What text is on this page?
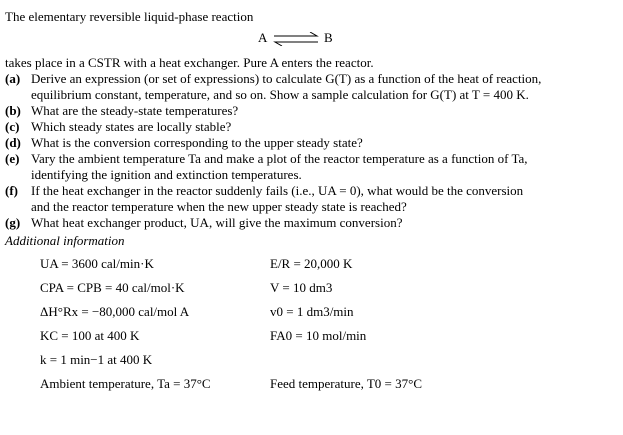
The elementary reversible liquid-phase reaction
A ⇌ B
takes place in a CSTR with a heat exchanger. Pure A enters the reactor.
(a) Derive an expression (or set of expressions) to calculate G(T) as a function of the heat of reaction,
equilibrium constant, temperature, and so on. Show a sample calculation for G(T) at T = 400 K.
(b) What are the steady-state temperatures?
(c) Which steady states are locally stable?
(d) What is the conversion corresponding to the upper steady state?
(e) Vary the ambient temperature Ta and make a plot of the reactor temperature as a function of Ta,
identifying the ignition and extinction temperatures.
(f) If the heat exchanger in the reactor suddenly fails (i.e., UA = 0), what would be the conversion
and the reactor temperature when the new upper steady state is reached?
(g) What heat exchanger product, UA, will give the maximum conversion?
Additional information
UA = 3600 cal/min·K
CPA = CPB = 40 cal/mol·K
ΔH°Rx = −80,000 cal/mol A
KC = 100 at 400 K
k = 1 min−1 at 400 K
Ambient temperature, Ta = 37°C
E/R = 20,000 K
V = 10 dm3
v0 = 1 dm3/min
FA0 = 10 mol/min
Feed temperature, T0 = 37°C
